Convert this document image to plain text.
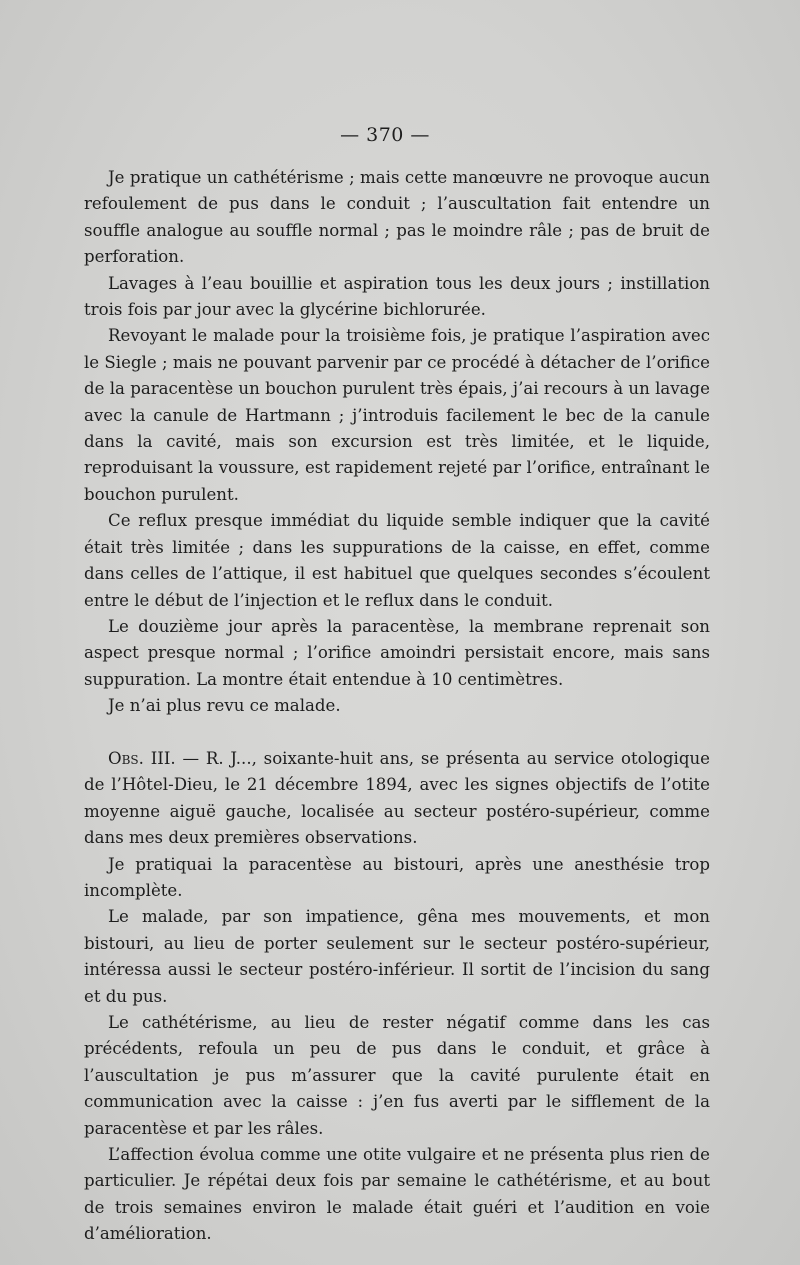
— 370 —

Je pratique un cathétérisme ; mais cette manœuvre ne provoque aucun refoulement de pus dans le conduit ; l’auscultation fait entendre un souffle analogue au souffle normal ; pas le moindre râle ; pas de bruit de perforation.

Lavages à l’eau bouillie et aspiration tous les deux jours ; instillation trois fois par jour avec la glycérine bichlorurée.

Revoyant le malade pour la troisième fois, je pratique l’aspiration avec le Siegle ; mais ne pouvant parvenir par ce procédé à détacher de l’orifice de la paracentèse un bouchon purulent très épais, j’ai recours à un lavage avec la canule de Hartmann ; j’introduis facilement le bec de la canule dans la cavité, mais son excursion est très limitée, et le liquide, reproduisant la voussure, est rapidement rejeté par l’orifice, entraînant le bouchon purulent.

Ce reflux presque immédiat du liquide semble indiquer que la cavité était très limitée ; dans les suppurations de la caisse, en effet, comme dans celles de l’attique, il est habituel que quelques secondes s’écoulent entre le début de l’injection et le reflux dans le conduit.

Le douzième jour après la paracentèse, la membrane reprenait son aspect presque normal ; l’orifice amoindri persistait encore, mais sans suppuration. La montre était entendue à 10 centimètres.

Je n’ai plus revu ce malade.

Obs. III. — R. J..., soixante-huit ans, se présenta au service otologique de l’Hôtel-Dieu, le 21 décembre 1894, avec les signes objectifs de l’otite moyenne aiguë gauche, localisée au secteur postéro-supérieur, comme dans mes deux premières observations.

Je pratiquai la paracentèse au bistouri, après une anesthésie trop incomplète.

Le malade, par son impatience, gêna mes mouvements, et mon bistouri, au lieu de porter seulement sur le secteur postéro-supérieur, intéressa aussi le secteur postéro-inférieur. Il sortit de l’incision du sang et du pus.

Le cathétérisme, au lieu de rester négatif comme dans les cas précédents, refoula un peu de pus dans le conduit, et grâce à l’auscultation je pus m’assurer que la cavité purulente était en communication avec la caisse : j’en fus averti par le sifflement de la paracentèse et par les râles.

L’affection évolua comme une otite vulgaire et ne présenta plus rien de particulier. Je répétai deux fois par semaine le cathétérisme, et au bout de trois semaines environ le malade était guéri et l’audition en voie d’amélioration.
